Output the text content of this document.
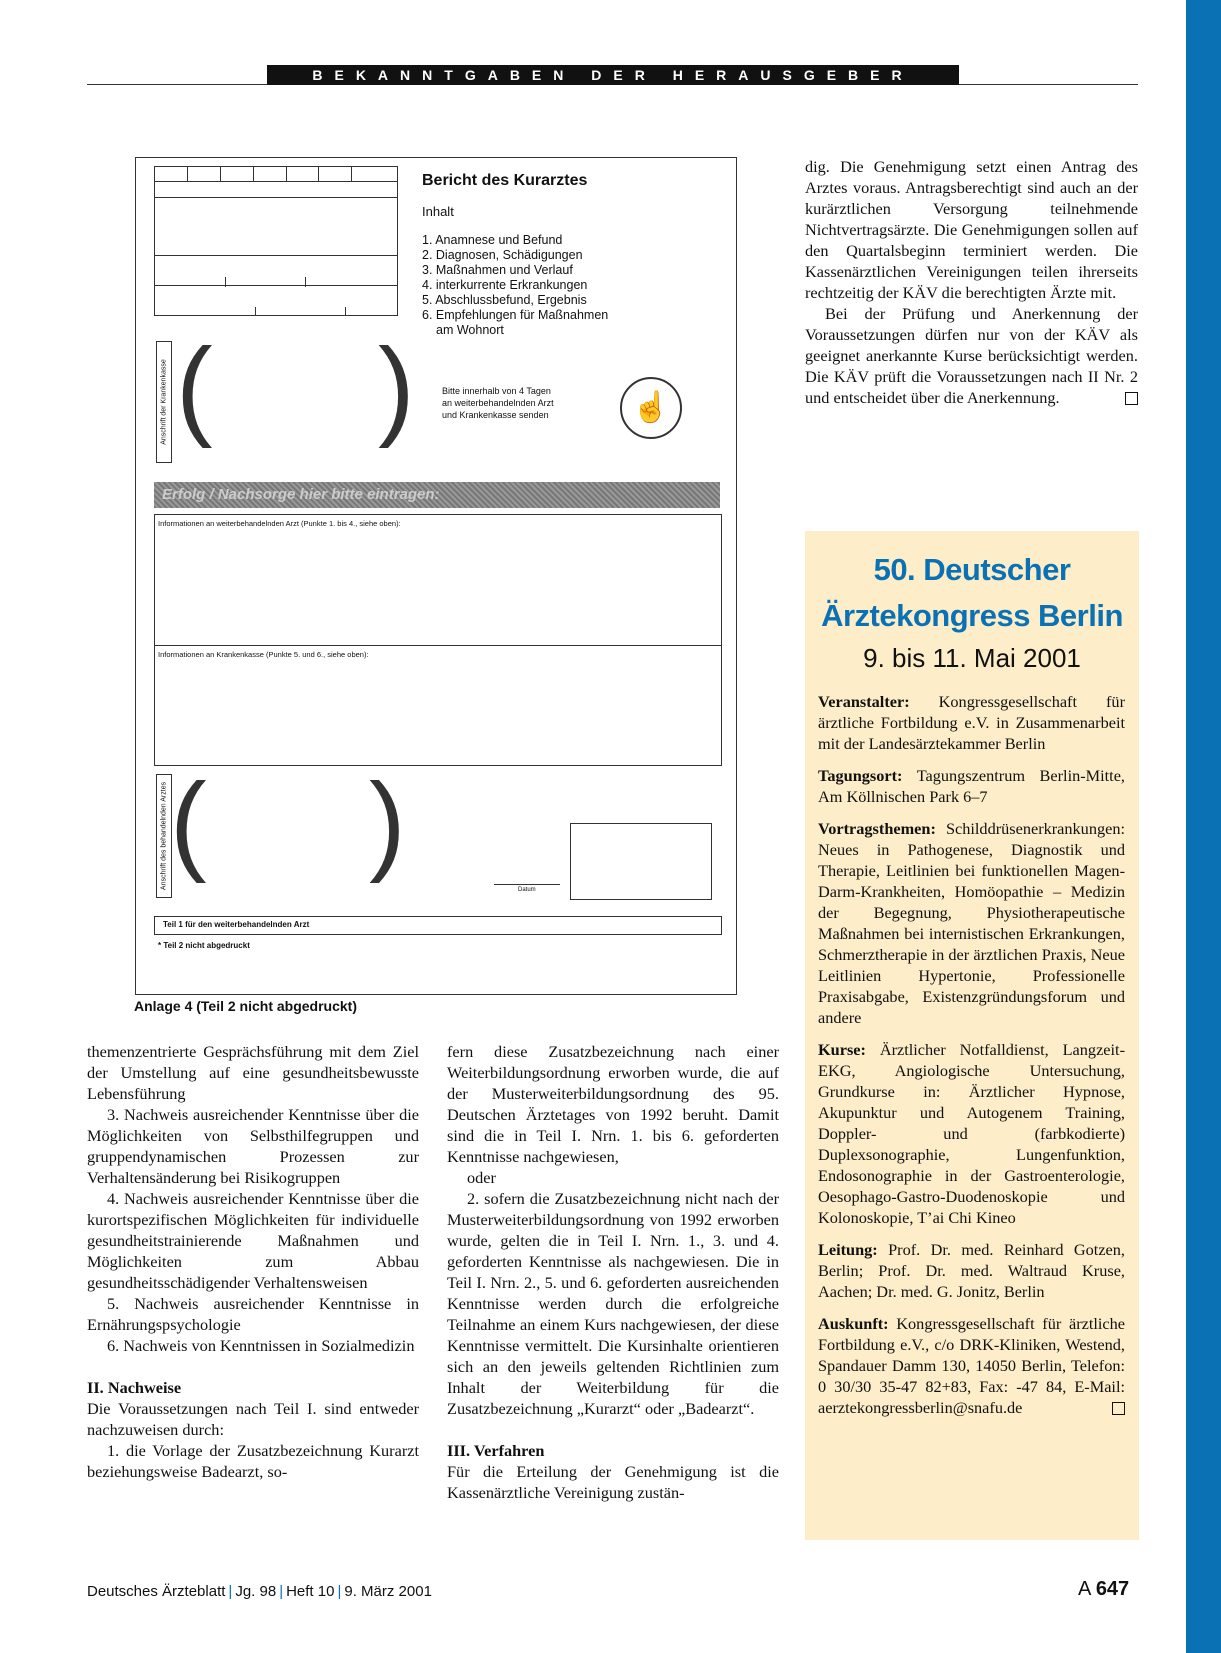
BEKANNTGABEN DER HERAUSGEBER
Bericht des Kurarztes
Inhalt
1. Anamnese und Befund
2. Diagnosen, Schädigungen
3. Maßnahmen und Verlauf
4. interkurrente Erkrankungen
5. Abschlussbefund, Ergebnis
6. Empfehlungen für Maßnahmen
am Wohnort
Anschrift der Krankenkasse ( )	Bitte innerhalb von 4 Tagen
an weiterbehandelnden Arzt
und Krankenkasse senden	☝
Erfolg / Nachsorge hier bitte eintragen:
Informationen an weiterbehandelnden Arzt (Punkte 1. bis 4., siehe oben):
Informationen an Krankenkasse (Punkte 5. und 6., siehe oben):
Anschrift des behandelnden Arztes ( )
Datum
Teil 1 für den weiterbehandelnden Arzt
* Teil 2 nicht abgedruckt
Anlage 4 (Teil 2 nicht abgedruckt)

themenzentrierte Gesprächsführung mit dem Ziel der Umstellung auf eine gesundheitsbewusste Lebensführung

3. Nachweis ausreichender Kenntnisse über die Möglichkeiten von Selbsthilfegruppen und gruppendynamischen Prozessen zur Verhaltensänderung bei Risikogruppen

4. Nachweis ausreichender Kenntnisse über die kurortspezifischen Möglichkeiten für individuelle gesundheitstrainierende Maßnahmen und Möglichkeiten zum Abbau gesundheitsschädigender Verhaltensweisen

5. Nachweis ausreichender Kenntnisse in Ernährungspsychologie

6. Nachweis von Kenntnissen in Sozialmedizin

II. Nachweise

Die Voraussetzungen nach Teil I. sind entweder nachzuweisen durch:

1. die Vorlage der Zusatzbezeichnung Kurarzt beziehungsweise Badearzt, so-

fern diese Zusatzbezeichnung nach einer Weiterbildungsordnung erworben wurde, die auf der Musterweiterbildungsordnung des 95. Deutschen Ärztetages von 1992 beruht. Damit sind die in Teil I. Nrn. 1. bis 6. geforderten Kenntnisse nachgewiesen,

oder

2. sofern die Zusatzbezeichnung nicht nach der Musterweiterbildungsordnung von 1992 erworben wurde, gelten die in Teil I. Nrn. 1., 3. und 4. geforderten Kenntnisse als nachgewiesen. Die in Teil I. Nrn. 2., 5. und 6. geforderten ausreichenden Kenntnisse werden durch die erfolgreiche Teilnahme an einem Kurs nachgewiesen, der diese Kenntnisse vermittelt. Die Kursinhalte orientieren sich an den jeweils geltenden Richtlinien zum Inhalt der Weiterbildung für die Zusatzbezeichnung „Kurarzt“ oder „Badearzt“.

III. Verfahren

Für die Erteilung der Genehmigung ist die Kassenärztliche Vereinigung zustän-

dig. Die Genehmigung setzt einen Antrag des Arztes voraus. Antragsberechtigt sind auch an der kurärztlichen Versorgung teilnehmende Nichtvertragsärzte. Die Genehmigungen sollen auf den Quartalsbeginn terminiert werden. Die Kassenärztlichen Vereinigungen teilen ihrerseits rechtzeitig der KÄV die berechtigten Ärzte mit.

Bei der Prüfung und Anerkennung der Voraussetzungen dürfen nur von der KÄV als geeignet anerkannte Kurse berücksichtigt werden. Die KÄV prüft die Voraussetzungen nach II Nr. 2 und entscheidet über die Anerkennung.

50. Deutscher
Ärztekongress Berlin
9. bis 11. Mai 2001

Veranstalter: Kongressgesellschaft für ärztliche Fortbildung e.V. in Zusammenarbeit mit der Landesärztekammer Berlin

Tagungsort: Tagungszentrum Berlin-Mitte, Am Köllnischen Park 6–7

Vortragsthemen: Schilddrüsenerkrankungen: Neues in Pathogenese, Diagnostik und Therapie, Leitlinien bei funktionellen Magen-Darm-Krankheiten, Homöopathie – Medizin der Begegnung, Physiotherapeutische Maßnahmen bei internistischen Erkrankungen, Schmerztherapie in der ärztlichen Praxis, Neue Leitlinien Hypertonie, Professionelle Praxisabgabe, Existenzgründungsforum und andere

Kurse: Ärztlicher Notfalldienst, Langzeit-EKG, Angiologische Untersuchung, Grundkurse in: Ärztlicher Hypnose, Akupunktur und Autogenem Training, Doppler- und (farbkodierte) Duplexsonographie, Lungenfunktion, Endosonographie in der Gastroenterologie, Oesophago-Gastro-Duodenoskopie und Kolonoskopie, T’ai Chi Kineo

Leitung: Prof. Dr. med. Reinhard Gotzen, Berlin; Prof. Dr. med. Waltraud Kruse, Aachen; Dr. med. G. Jonitz, Berlin

Auskunft: Kongressgesellschaft für ärztliche Fortbildung e.V., c/o DRK-Kliniken, Westend, Spandauer Damm 130, 14050 Berlin, Telefon: 0 30/30 35-47 82+83, Fax: -47 84, E-Mail: aerztekongressberlin@snafu.de

Deutsches Ärzteblatt | Jg. 98 | Heft 10 | 9. März 2001	A 647
